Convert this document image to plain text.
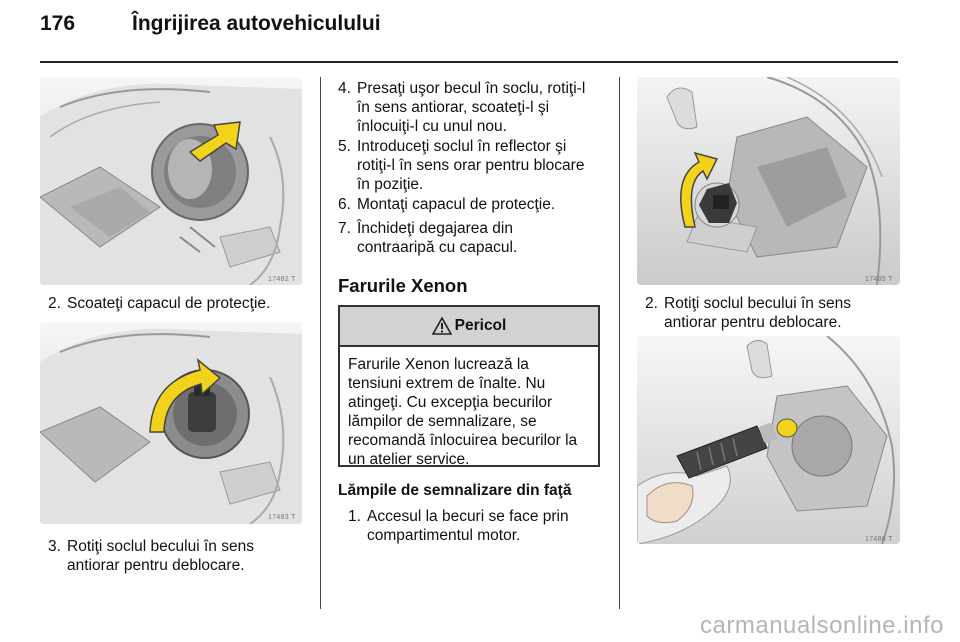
176	Îngrijirea autovehiculului
17482 T
2. Scoateţi capacul de protecţie.
17483 T
3. Rotiţi soclul becului în sens
antiorar pentru deblocare.
4. Presaţi uşor becul în soclu, rotiţi-l
în sens antiorar, scoateţi-l şi
înlocuiţi-l cu unul nou.
5. Introduceţi soclul în reflector şi
rotiţi-l în sens orar pentru blocare
în poziţie.
6. Montaţi capacul de protecţie.
7. Închideţi degajarea din
contraaripă cu capacul.
Farurile Xenon
Pericol
Farurile Xenon lucrează la
tensiuni extrem de înalte. Nu
atingeţi. Cu excepţia becurilor
lămpilor de semnalizare, se
recomandă înlocuirea becurilor la
un atelier service.
Lămpile de semnalizare din faţă
1. Accesul la becuri se face prin
compartimentul motor.
17485 T
2. Rotiţi soclul becului în sens
antiorar pentru deblocare.
17486 T
carmanualsonline.info
